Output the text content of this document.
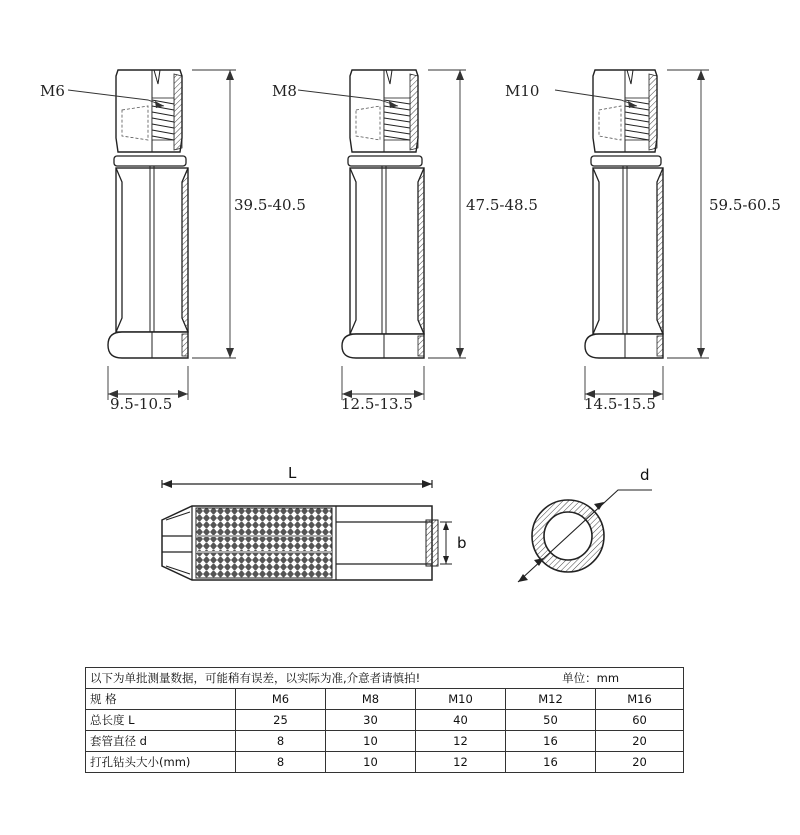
M6
39.5-40.5
9.5-10.5
M8
47.5-48.5
12.5-13.5
M10
59.5-60.5
14.5-15.5
L
b
d
以下为单批测量数据，可能稍有误差，以实际为准,介意者请慎拍! 单位：mm					

规 格	M6	M8	M10	M12	M16
总长度 L	25	30	40	50	60
套管直径 d	8	10	12	16	20
打孔钻头大小(mm)	8	10	12	16	20
